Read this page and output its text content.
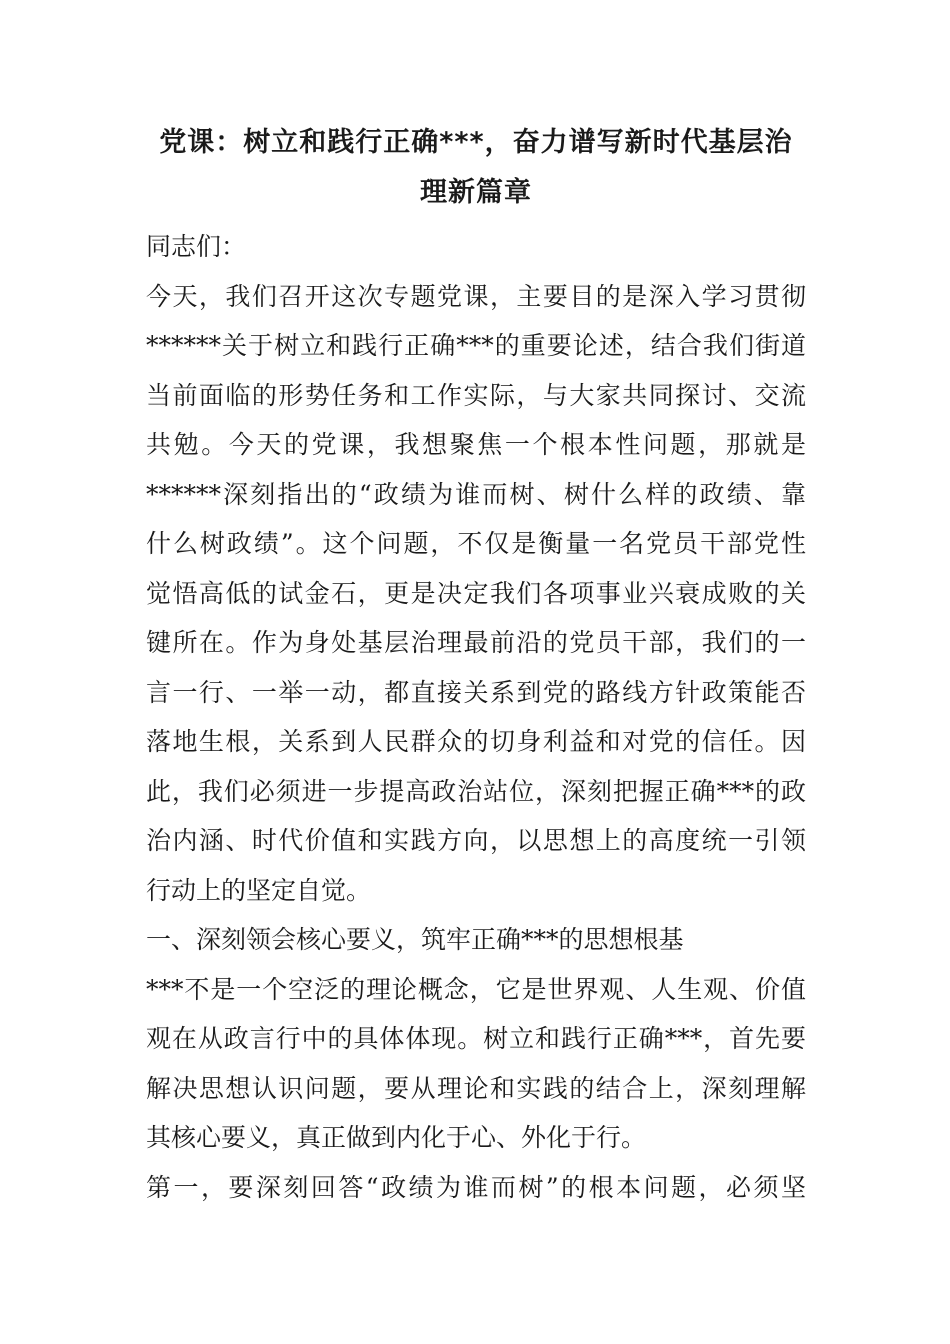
党课：树立和践行正确***，奋力谱写新时代基层治
理新篇章
同志们：
今天，我们召开这次专题党课，主要目的是深入学习贯彻
******关于树立和践行正确***的重要论述，结合我们街道
当前面临的形势任务和工作实际，与大家共同探讨、交流
共勉。今天的党课，我想聚焦一个根本性问题，那就是
******深刻指出的“政绩为谁而树、树什么样的政绩、靠
什么树政绩”。这个问题，不仅是衡量一名党员干部党性
觉悟高低的试金石，更是决定我们各项事业兴衰成败的关
键所在。作为身处基层治理最前沿的党员干部，我们的一
言一行、一举一动，都直接关系到党的路线方针政策能否
落地生根，关系到人民群众的切身利益和对党的信任。因
此，我们必须进一步提高政治站位，深刻把握正确***的政
治内涵、时代价值和实践方向，以思想上的高度统一引领
行动上的坚定自觉。
一、深刻领会核心要义，筑牢正确***的思想根基
***不是一个空泛的理论概念，它是世界观、人生观、价值
观在从政言行中的具体体现。树立和践行正确***，首先要
解决思想认识问题，要从理论和实践的结合上，深刻理解
其核心要义，真正做到内化于心、外化于行。
第一，要深刻回答“政绩为谁而树”的根本问题，必须坚
